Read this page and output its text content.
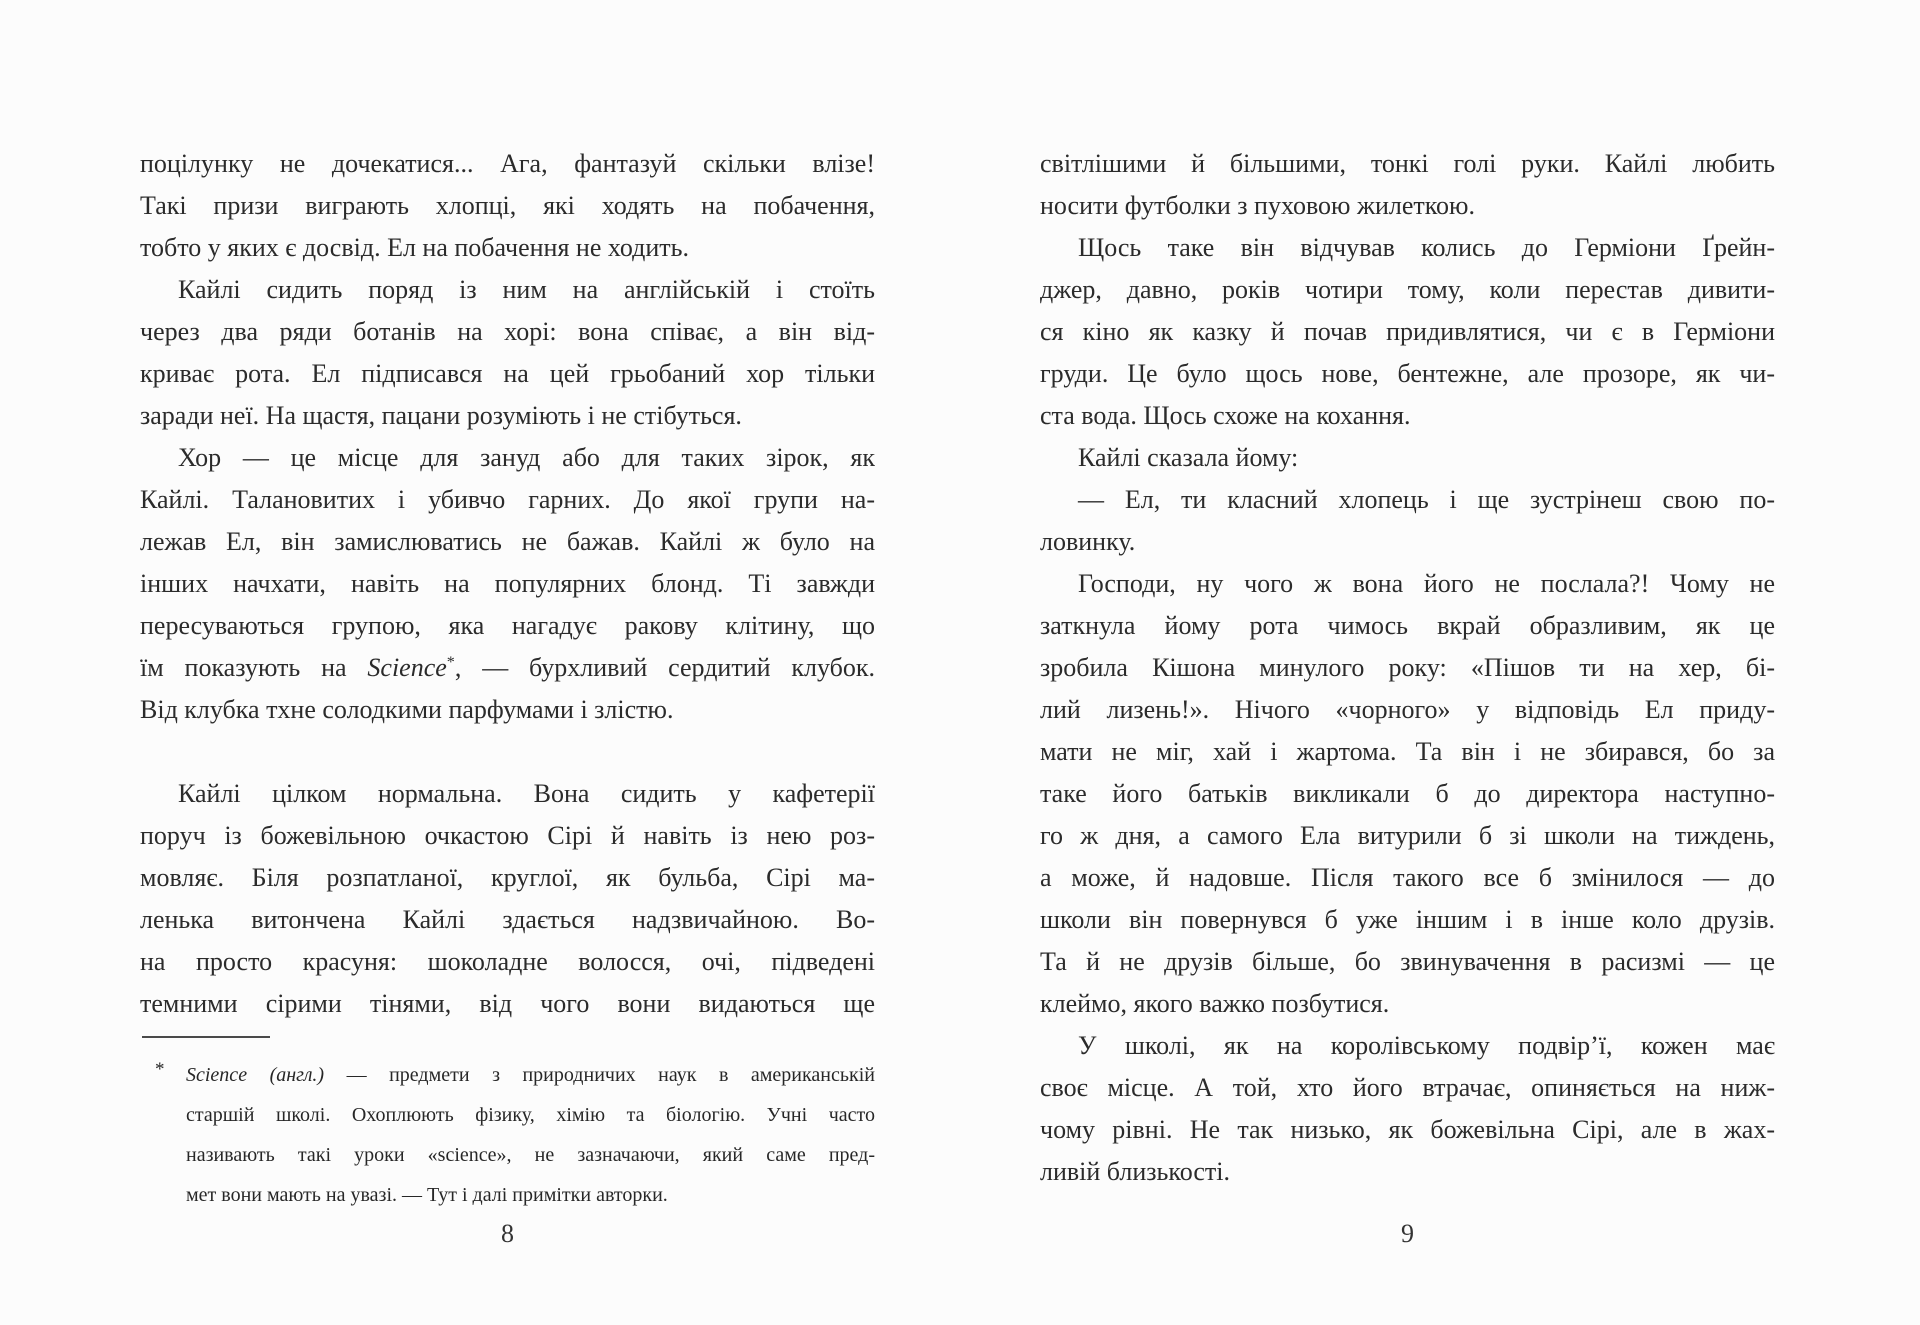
поцілунку не дочекатися... Ага, фантазуй скільки влізе!
Такі призи виграють хлопці, які ходять на побачення,
тобто у яких є досвід. Ел на побачення не ходить.
Кайлі сидить поряд із ним на англійській і стоїть
через два ряди ботанів на хорі: вона співає, а він від-
криває рота. Ел підписався на цей грьобаний хор тільки
заради неї. На щастя, пацани розуміють і не стібуться.
Хор — це місце для зануд або для таких зірок, як
Кайлі. Талановитих і убивчо гарних. До якої групи на-
лежав Ел, він замислюватись не бажав. Кайлі ж було на
інших начхати, навіть на популярних блонд. Ті завжди
пересуваються групою, яка нагадує ракову клітину, що
їм показують на Science*, — бурхливий сердитий клубок.
Від клубка тхне солодкими парфумами і злістю.
Кайлі цілком нормальна. Вона сидить у кафетерії
поруч із божевільною очкастою Сірі й навіть із нею роз-
мовляє. Біля розпатланої, круглої, як бульба, Сірі ма-
ленька витончена Кайлі здається надзвичайною. Во-
на просто красуня: шоколадне волосся, очі, підведені
темними сірими тінями, від чого вони видаються ще
*	Science (англ.) — предмети з природничих наук в американській
старшій школі. Охоплюють фізику, хімію та біологію. Учні часто
називають такі уроки «science», не зазначаючи, який саме пред-
мет вони мають на увазі. — Тут і далі примітки авторки.
8
світлішими й більшими, тонкі голі руки. Кайлі любить
носити футболки з пуховою жилеткою.
Щось таке він відчував колись до Герміони Ґрейн-
джер, давно, років чотири тому, коли перестав дивити-
ся кіно як казку й почав придивлятися, чи є в Герміони
груди. Це було щось нове, бентежне, але прозоре, як чи-
ста вода. Щось схоже на кохання.
Кайлі сказала йому:
— Ел, ти класний хлопець і ще зустрінеш свою по-
ловинку.
Господи, ну чого ж вона його не послала?! Чому не
заткнула йому рота чимось вкрай образливим, як це
зробила Кішона минулого року: «Пішов ти на хер, бі-
лий лизень!». Нічого «чорного» у відповідь Ел приду-
мати не міг, хай і жартома. Та він і не збирався, бо за
таке його батьків викликали б до директора наступно-
го ж дня, а самого Ела витурили б зі школи на тиждень,
а може, й надовше. Після такого все б змінилося — до
школи він повернувся б уже іншим і в інше коло друзів.
Та й не друзів більше, бо звинувачення в расизмі — це
клеймо, якого важко позбутися.
У школі, як на королівському подвір’ї, кожен має
своє місце. А той, хто його втрачає, опиняється на ниж-
чому рівні. Не так низько, як божевільна Сірі, але в жах-
ливій близькості.
9
